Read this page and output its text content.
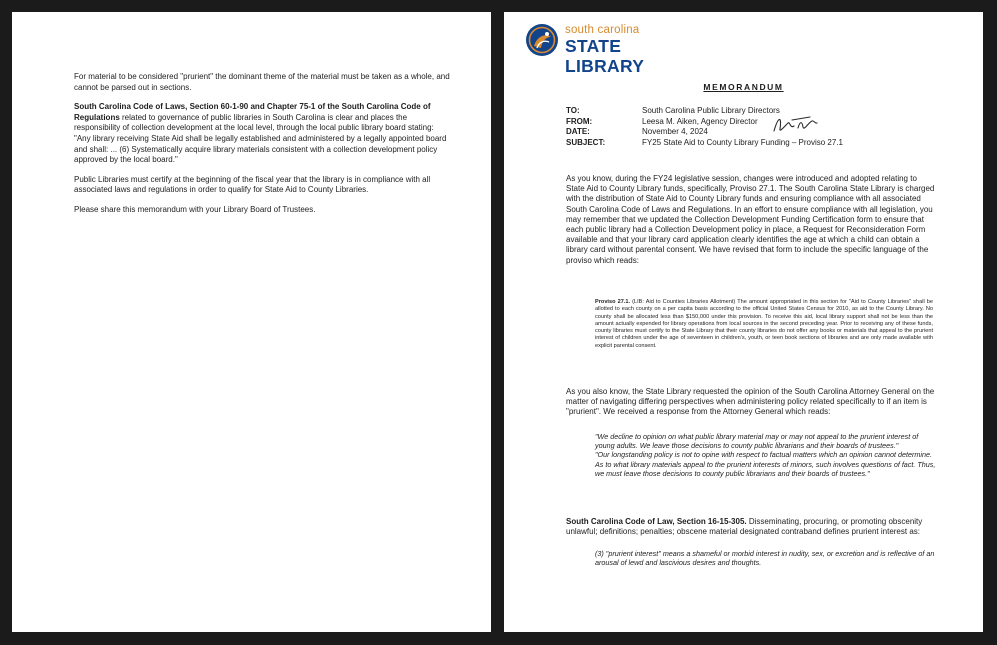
For material to be considered "prurient" the dominant theme of the material must be taken as a whole, and cannot be parsed out in sections.

South Carolina Code of Laws, Section 60-1-90 and Chapter 75-1 of the South Carolina Code of Regulations related to governance of public libraries in South Carolina is clear and places the responsibility of collection development at the local level, through the local public library board stating: "Any library receiving State Aid shall be legally established and administered by a legally appointed board and shall: ... (6) Systematically acquire library materials consistent with a collection development policy approved by the local board."

Public Libraries must certify at the beginning of the fiscal year that the library is in compliance with all associated laws and regulations in order to qualify for State Aid to County Libraries.

Please share this memorandum with your Library Board of Trustees.

south carolina
STATE LIBRARY
MEMORANDUM
TO:	South Carolina Public Library Directors
FROM:	Leesa M. Aiken, Agency Director
DATE:	November 4, 2024
SUBJECT:	FY25 State Aid to County Library Funding – Proviso 27.1

As you know, during the FY24 legislative session, changes were introduced and adopted relating to State Aid to County Library funds, specifically, Proviso 27.1. The South Carolina State Library is charged with the distribution of State Aid to County Library funds and ensuring compliance with all associated South Carolina Code of Laws and Regulations. In an effort to ensure compliance with all legislation, you may remember that we updated the Collection Development Funding Certification form to ensure that each public library had a Collection Development policy in place, a Request for Reconsideration Form available and that your library card application clearly identifies the age at which a child can obtain a library card without parental consent. We have revised that form to include the specific language of the proviso which reads:

Proviso 27.1. (LIB: Aid to Counties Libraries Allotment) The amount appropriated in this section for "Aid to County Libraries" shall be allotted to each county on a per capita basis according to the official United States Census for 2010, as aid to the County Library. No county shall be allocated less than $150,000 under this provision. To receive this aid, local library support shall not be less than the amount actually expended for library operations from local sources in the second preceding year. Prior to receiving any of these funds, county libraries must certify to the State Library that their county libraries do not offer any books or materials that appeal to the prurient interest of children under the age of seventeen in children's, youth, or teen book sections of libraries and are only made available with explicit parental consent.

As you also know, the State Library requested the opinion of the South Carolina Attorney General on the matter of navigating differing perspectives when administering policy related specifically to if an item is "prurient". We received a response from the Attorney General which reads:

"We decline to opinion on what public library material may or may not appeal to the prurient interest of young adults. We leave those decisions to county public librarians and their boards of trustees."

"Our longstanding policy is not to opine with respect to factual matters which an opinion cannot determine. As to what library materials appeal to the prurient interests of minors, such involves questions of fact. Thus, we must leave those decisions to county public librarians and their boards of trustees."

South Carolina Code of Law, Section 16-15-305. Disseminating, procuring, or promoting obscenity unlawful; definitions; penalties; obscene material designated contraband defines prurient interest as:

(3) "prurient interest" means a shameful or morbid interest in nudity, sex, or excretion and is reflective of an arousal of lewd and lascivious desires and thoughts.
